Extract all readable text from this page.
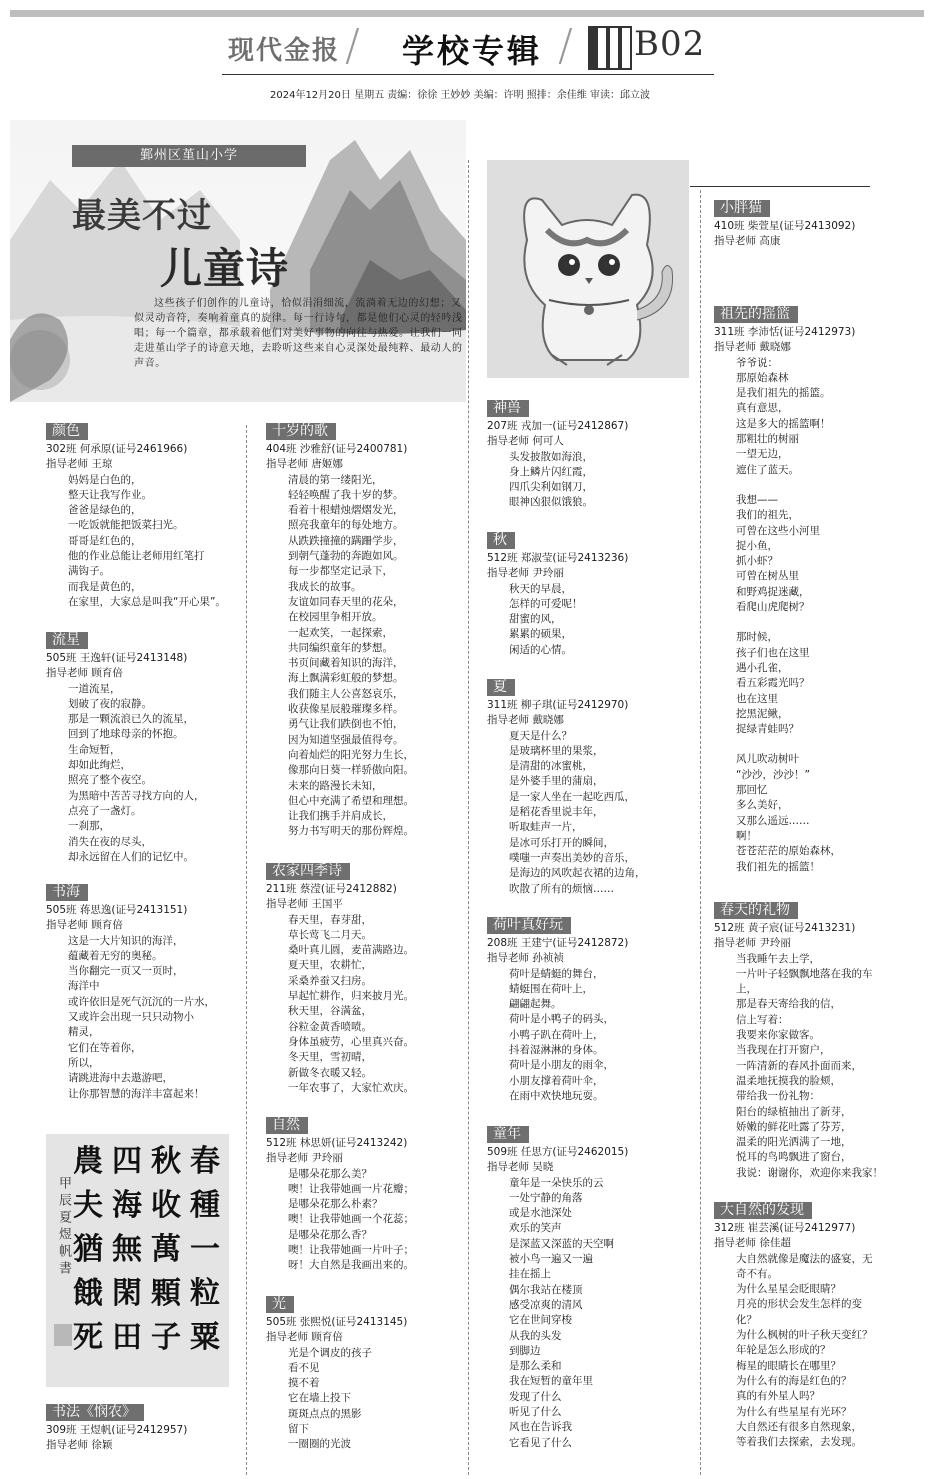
现代金报 / 学校专辑 / B02
2024年12月20日 星期五 责编：徐徐 王妙妙 美编：许明 照排：余佳维 审读：邱立波
鄞州区堇山小学
最美不过
儿童诗
这些孩子们创作的儿童诗，恰似涓涓细流，流淌着无边的幻想；又似灵动音符，奏响着童真的旋律。每一行诗句，都是他们心灵的轻吟浅唱；每一个篇章，都承载着他们对美好事物的向往与热爱。让我们一同走进堇山学子的诗意天地，去聆听这些来自心灵深处最纯粹、最动人的声音。
春
種
一
粒
粟
秋
收
萬
顆
子
四
海
無
閑
田
農
夫
猶
餓
死
甲辰夏煜帆書
颜色
302班 何承原(证号2461966)
指导老师 王琼
妈妈是白色的，
整天让我写作业。
爸爸是绿色的，
一吃饭就能把饭菜扫光。
哥哥是红色的，
他的作业总能让老师用红笔打
满钩子。
而我是黄色的，
在家里，大家总是叫我“开心果”。
流星
505班 王逸轩(证号2413148)
指导老师 顾育倍
一道流星，
划破了夜的寂静。
那是一颗流浪已久的流星，
回到了地球母亲的怀抱。
生命短暂，
却如此绚烂，
照亮了整个夜空。
为黑暗中苦苦寻找方向的人，
点亮了一盏灯。
一刹那，
消失在夜的尽头，
却永远留在人们的记忆中。
书海
505班 蒋思逸(证号2413151)
指导老师 顾育倍
这是一大片知识的海洋，
蕴藏着无穷的奥秘。
当你翻完一页又一页时，
海洋中
或许依旧是死气沉沉的一片水，
又或许会出现一只只动物小
精灵，
它们在等着你，
所以，
请跳进海中去遨游吧，
让你那智慧的海洋丰富起来！
书法《悯农》
309班 王煜帆(证号2412957)
指导老师 徐颖
十岁的歌
404班 沙雅舒(证号2400781)
指导老师 唐姬娜
清晨的第一缕阳光，
轻轻唤醒了我十岁的梦。
看着十根蜡烛熠熠发光，
照亮我童年的每处地方。
从跌跌撞撞的蹒跚学步，
到朝气蓬勃的奔跑如风。
每一步都坚定记录下，
我成长的故事。
友谊如同春天里的花朵，
在校园里争相开放。
一起欢笑，一起探索，
共同编织童年的梦想。
书页间藏着知识的海洋，
海上飘满彩虹般的梦想。
我们随主人公喜怒哀乐，
收获像星辰般璀璨多样。
勇气让我们跌倒也不怕，
因为知道坚强最值得夸。
向着灿烂的阳光努力生长，
像那向日葵一样骄傲向阳。
未来的路漫长未知，
但心中充满了希望和理想。
让我们携手并肩成长，
努力书写明天的那份辉煌。
农家四季诗
211班 蔡滢(证号2412882)
指导老师 王国平
春天里，春芽甜，
草长莺飞二月天。
桑叶真儿圆，麦苗满路边。
夏天里，农耕忙，
采桑养蚕又扫房。
早起忙耕作，归来披月光。
秋天里，谷满盆，
谷粒金黄香喷喷。
身体虽疲劳，心里真兴奋。
冬天里，雪初晴，
新做冬衣暖又轻。
一年农事了，大家忙欢庆。
自然
512班 林思妍(证号2413242)
指导老师 尹玲丽
是哪朵花那么美？
噢！让我带她画一片花瓣；
是哪朵花那么朴素？
噢！让我带她画一个花蕊；
是哪朵花那么香？
噢！让我带她画一片叶子；
呀！大自然是我画出来的。
光
505班 张熙悦(证号2413145)
指导老师 顾育倍
光是个调皮的孩子
看不见
摸不着
它在墙上投下
斑斑点点的黑影
留下
一圈圈的光波
神兽
207班 戎加一(证号2412867)
指导老师 何可人
头发披散如海浪，
身上鳞片闪红霞，
四爪尖利如钢刀，
眼神凶狠似饿狼。
秋
512班 郑淑莹(证号2413236)
指导老师 尹玲丽
秋天的早晨，
怎样的可爱呢！
甜蜜的风，
累累的硕果，
闲适的心情。
夏
311班 柳子琪(证号2412970)
指导老师 戴晓娜
夏天是什么？
是玻璃杯里的果浆，
是清甜的冰蜜桃，
是外婆手里的蒲扇，
是一家人坐在一起吃西瓜，
是稻花香里说丰年，
听取蛙声一片，
是冰可乐打开的瞬间，
噗嗤一声奏出美妙的音乐，
是海边的风吹起衣裙的边角，
吹散了所有的烦恼……
荷叶真好玩
208班 王建宁(证号2412872)
指导老师 孙祯祯
荷叶是蜻蜓的舞台，
蜻蜓围在荷叶上，
翩翩起舞。
荷叶是小鸭子的码头，
小鸭子趴在荷叶上，
抖着湿淋淋的身体。
荷叶是小朋友的雨伞，
小朋友撑着荷叶伞，
在雨中欢快地玩耍。
童年
509班 任思方(证号2462015)
指导老师 吴晓
童年是一朵快乐的云
一处宁静的角落
或是水池深处
欢乐的笑声
是深蓝又深蓝的天空啊
被小鸟一遍又一遍
挂在摇上
偶尔我站在楼顶
感受凉爽的清风
它在世间穿梭
从我的头发
到脚边
是那么柔和
我在短暂的童年里
发现了什么
听见了什么
风也在告诉我
它看见了什么
小胖猫
410班 柴萱星(证号2413092)
指导老师 高康
祖先的摇篮
311班 李沛恬(证号2412973)
指导老师 戴晓娜
爷爷说：
那原始森林
是我们祖先的摇篮。
真有意思，
这是多大的摇篮啊！
那粗壮的树丽
一望无边，
遮住了蓝天。
我想——
我们的祖先，
可曾在这些小河里
捉小鱼，
抓小虾？
可曾在树丛里
和野鸡捉迷藏，
看爬山虎爬树？
那时候，
孩子们也在这里
遇小孔雀，
看五彩霞光吗？
也在这里
挖黑泥鳅，
捉绿青蛙吗？
风儿吹动树叶
“沙沙，沙沙！”
那回忆
多么美好，
又那么遥远……
啊！
苍苍茫茫的原始森林，
我们祖先的摇篮！
春天的礼物
512班 黄子宸(证号2413231)
指导老师 尹玲丽
当我睡午去上学，
一片叶子轻飘飘地落在我的车
上，
那是春天寄给我的信，
信上写着：
我要来你家做客。
当我现在打开窗户，
一阵清新的春风扑面而来，
温柔地抚摸我的脸颊，
带给我一份礼物：
阳台的绿植抽出了新芽，
娇嫩的鲜花吐露了芬芳，
温柔的阳光洒满了一地，
悦耳的鸟鸣飘进了窗台，
我说：谢谢你，欢迎你来我家！
大自然的发现
312班 崔芸溪(证号2412977)
指导老师 徐佳超
大自然就像是魔法的盛宴，无
奇不有。
为什么星星会眨眼睛？
月亮的形状会发生怎样的变
化？
为什么枫树的叶子秋天变红？
年轮是怎么形成的？
梅星的眼睛长在哪里？
为什么有的海是红色的？
真的有外星人吗？
为什么有些星星有光环？
大自然还有很多自然现象，
等着我们去探索，去发现。
